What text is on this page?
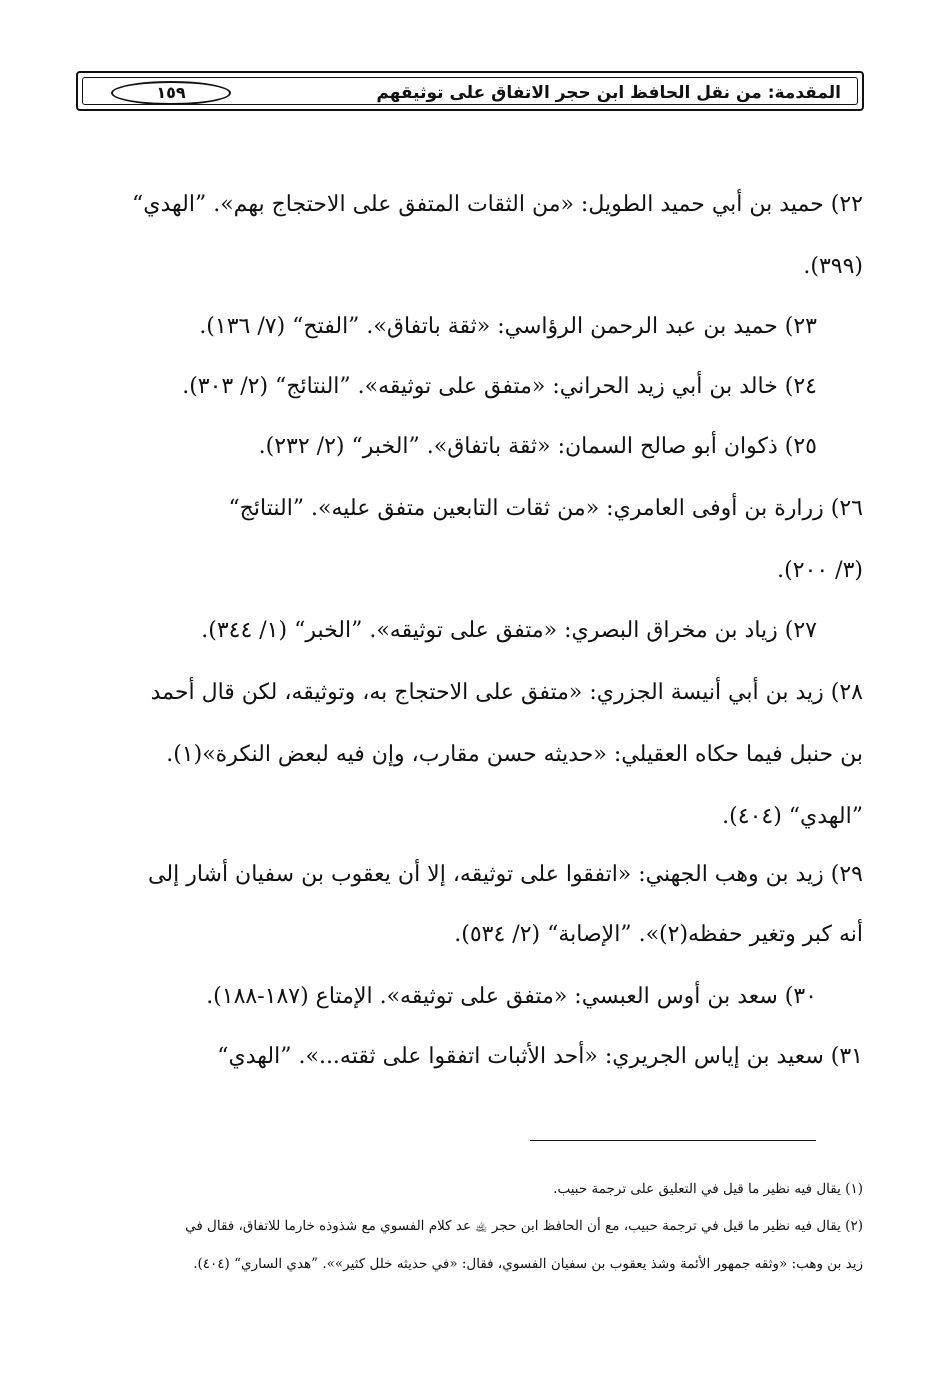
المقدمة: من نقل الحافظ ابن حجر الاتفاق على توثيقهم
١٥٩
٢٢) حميد بن أبي حميد الطويل: «من الثقات المتفق على الاحتجاج بهم». ”الهدي“
(٣٩٩).
٢٣) حميد بن عبد الرحمن الرؤاسي: «ثقة باتفاق». ”الفتح“ (٧/ ١٣٦).
٢٤) خالد بن أبي زيد الحراني: «متفق على توثيقه». ”النتائج“ (٢/ ٣٠٣).
٢٥) ذكوان أبو صالح السمان: «ثقة باتفاق». ”الخبر“ (٢/ ٢٣٢).
٢٦) زرارة بن أوفى العامري: «من ثقات التابعين متفق عليه». ”النتائج“
(٣/ ٢٠٠).
٢٧) زياد بن مخراق البصري: «متفق على توثيقه». ”الخبر“ (١/ ٣٤٤).
٢٨) زيد بن أبي أنيسة الجزري: «متفق على الاحتجاج به، وتوثيقه، لكن قال أحمد
بن حنبل فيما حكاه العقيلي: «حديثه حسن مقارب، وإن فيه لبعض النكرة»(١).
”الهدي“ (٤٠٤).
٢٩) زيد بن وهب الجهني: «اتفقوا على توثيقه، إلا أن يعقوب بن سفيان أشار إلى
أنه كبر وتغير حفظه(٢)». ”الإصابة“ (٢/ ٥٣٤).
٣٠) سعد بن أوس العبسي: «متفق على توثيقه». الإمتاع (١٨٧-١٨٨).
٣١) سعيد بن إياس الجريري: «أحد الأثبات اتفقوا على ثقته...». ”الهدي“
(١) يقال فيه نظير ما قيل في التعليق على ترجمة حبيب.
(٢) يقال فيه نظير ما قيل في ترجمة حبيب، مع أن الحافظ ابن حجر ﵀ عد كلام الفسوي مع شذوذه خارما للاتفاق، فقال في
زيد بن وهب: «وثقه جمهور الأئمة وشذ يعقوب بن سفيان الفسوي، فقال: «في حديثه خلل كثير»». ”هدي الساري“ (٤٠٤).
